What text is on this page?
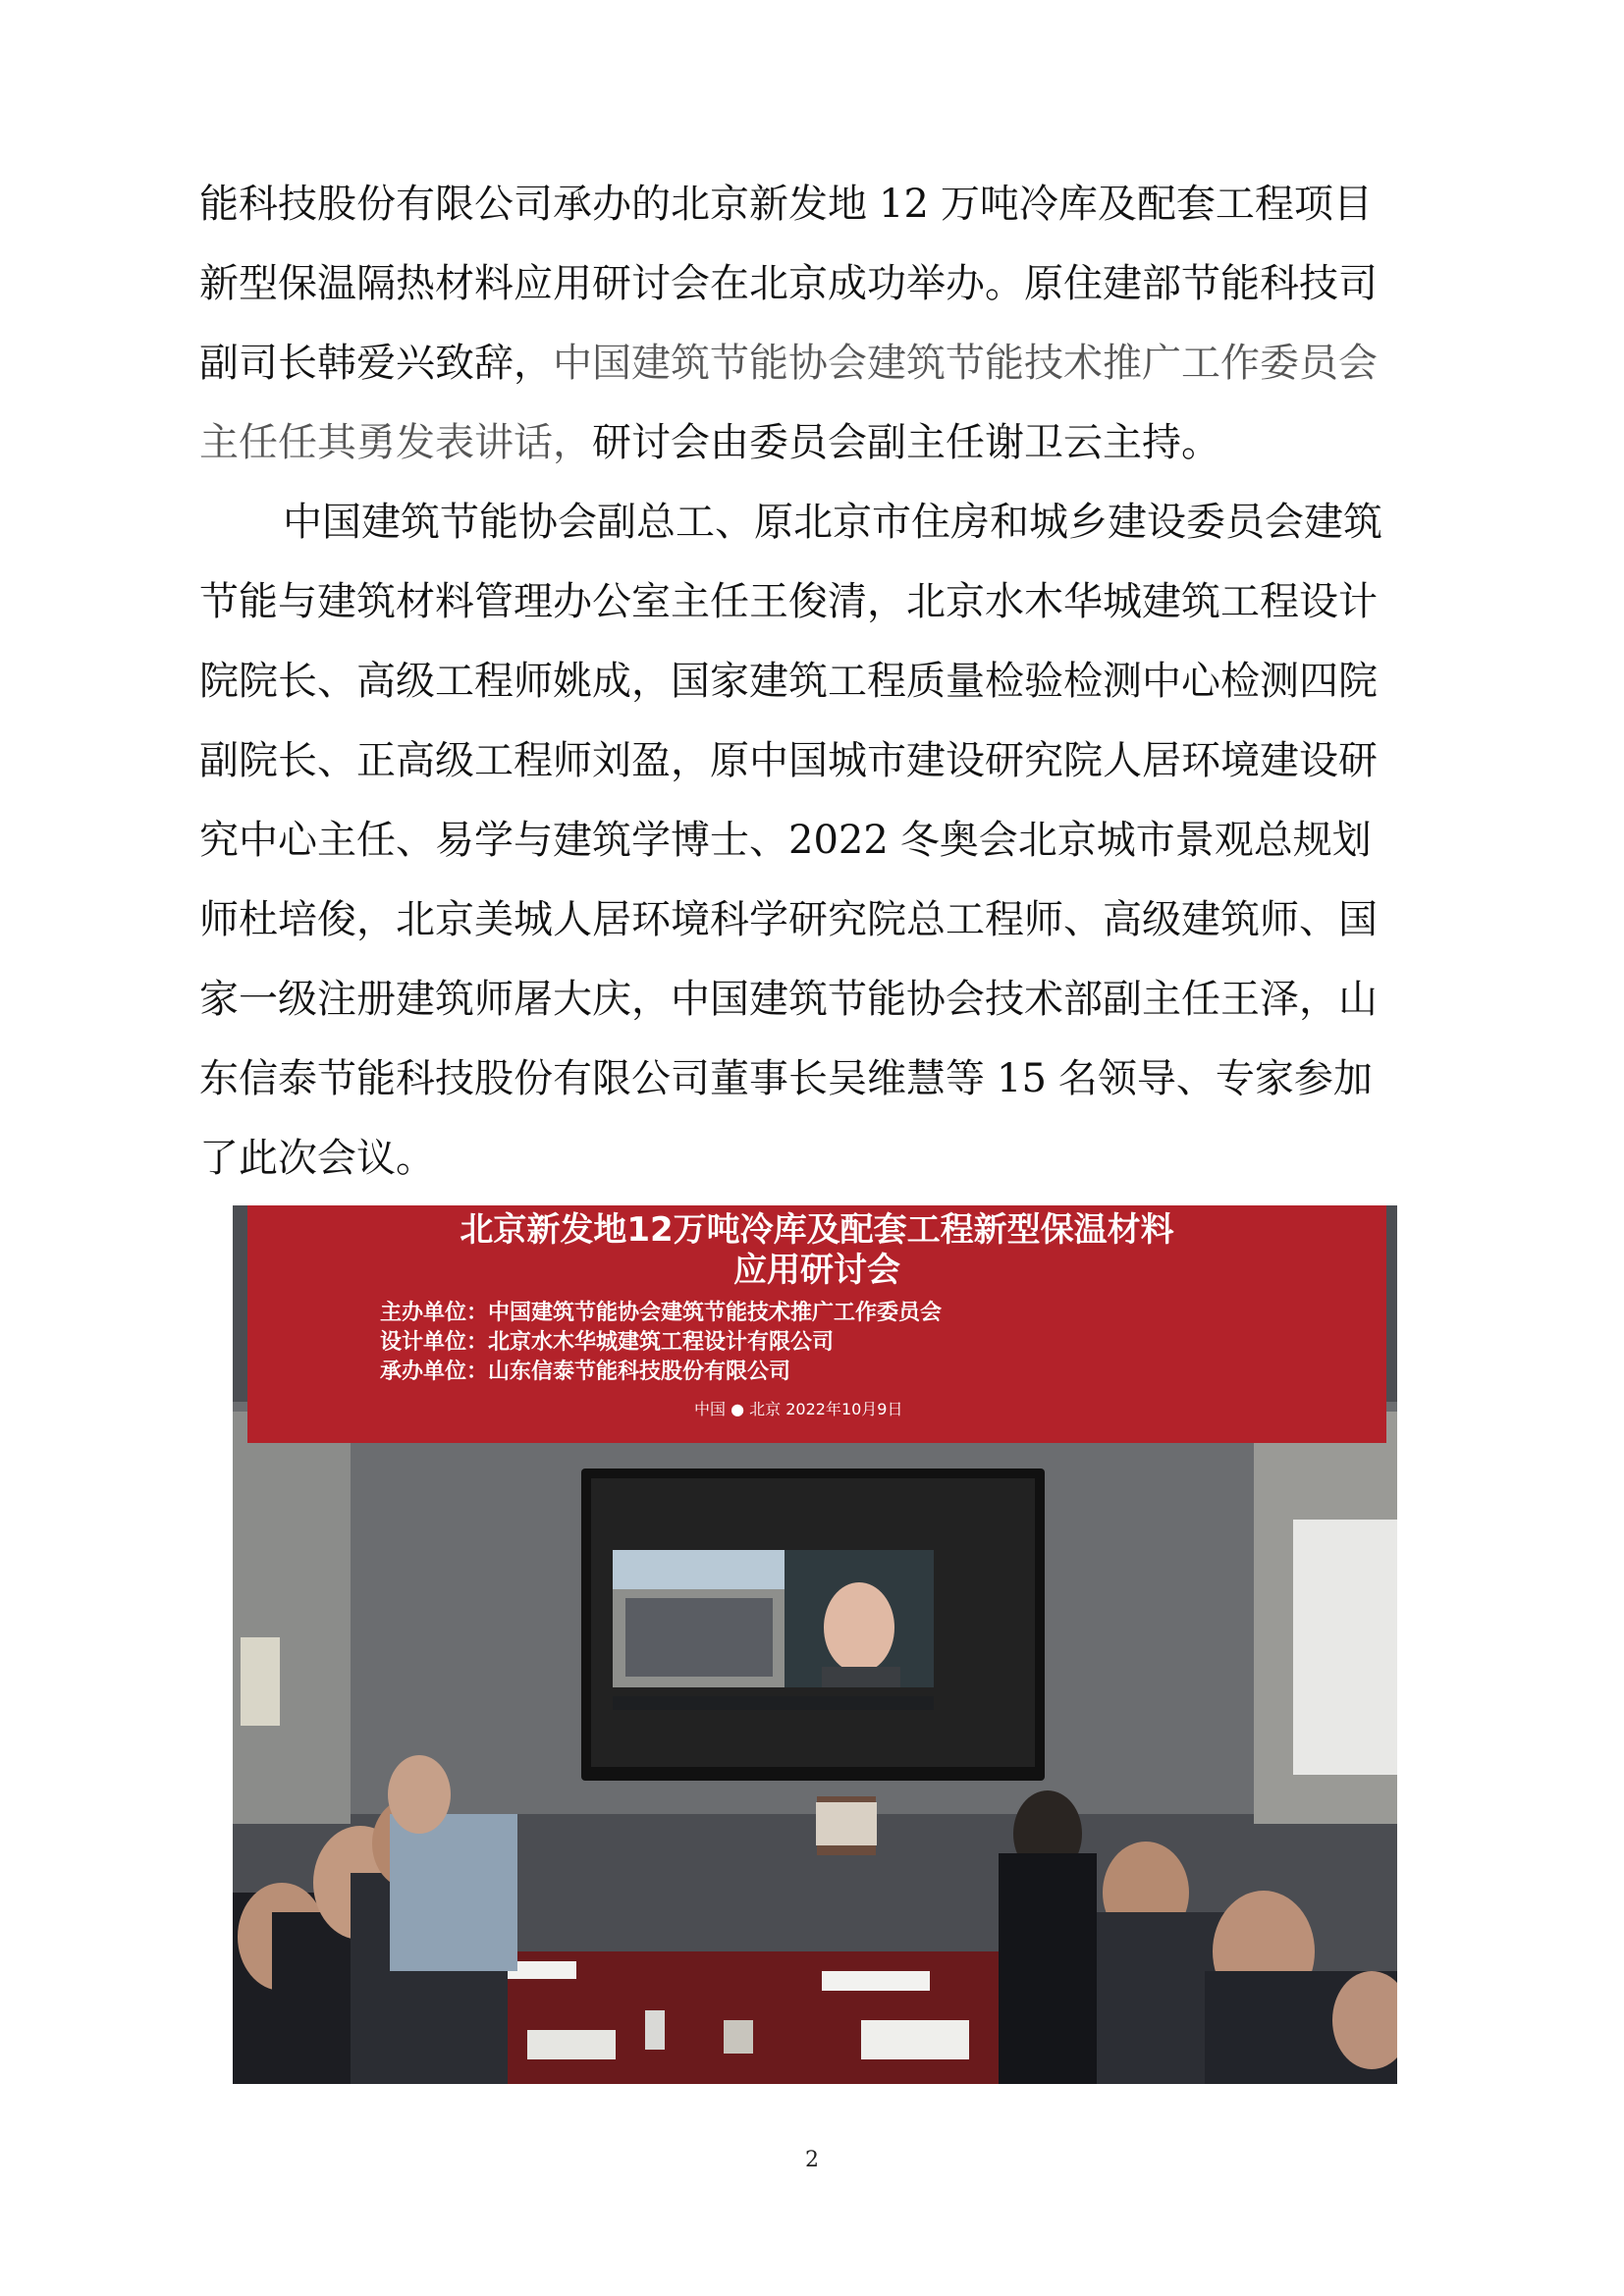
能科技股份有限公司承办的北京新发地 12 万吨冷库及配套工程项目
新型保温隔热材料应用研讨会在北京成功举办。原住建部节能科技司
副司长韩爱兴致辞，中国建筑节能协会建筑节能技术推广工作委员会
主任任其勇发表讲话，研讨会由委员会副主任谢卫云主持。
中国建筑节能协会副总工、原北京市住房和城乡建设委员会建筑
节能与建筑材料管理办公室主任王俊清，北京水木华城建筑工程设计
院院长、高级工程师姚成，国家建筑工程质量检验检测中心检测四院
副院长、正高级工程师刘盈，原中国城市建设研究院人居环境建设研
究中心主任、易学与建筑学博士、2022 冬奥会北京城市景观总规划
师杜培俊，北京美城人居环境科学研究院总工程师、高级建筑师、国
家一级注册建筑师屠大庆，中国建筑节能协会技术部副主任王泽，山
东信泰节能科技股份有限公司董事长吴维慧等 15 名领导、专家参加
了此次会议。
北京新发地12万吨冷库及配套工程新型保温材料
应用研讨会
主办单位：中国建筑节能协会建筑节能技术推广工作委员会
设计单位：北京水木华城建筑工程设计有限公司
承办单位：山东信泰节能科技股份有限公司
中国 ● 北京 2022年10月9日
2
